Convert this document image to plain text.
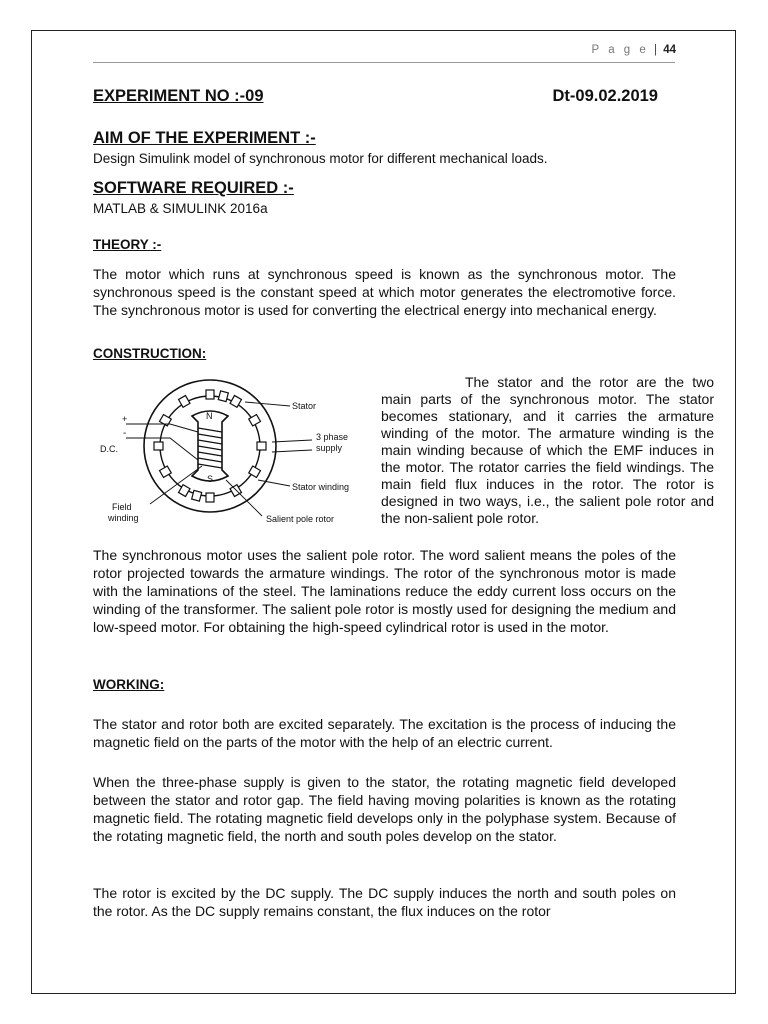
P a g e | 44
EXPERIMENT NO :-09	Dt-09.02.2019
AIM OF THE EXPERIMENT :-
Design Simulink model of synchronous motor for different mechanical loads.
SOFTWARE REQUIRED :-
MATLAB & SIMULINK 2016a
THEORY :-

The motor which runs at synchronous speed is known as the synchronous motor. The synchronous speed is the constant speed at which motor generates the electromotive force. The synchronous motor is used for converting the electrical energy into mechanical energy.

CONSTRUCTION:
N
S
+
-
D.C.
Stator
3 phase
supply
Stator winding
Field
winding	Salient pole rotor

The stator and the rotor are the two main parts of the synchronous motor. The stator becomes stationary, and it carries the armature winding of the motor. The armature winding is the main winding because of which the EMF induces in the motor. The rotator carries the field windings. The main field flux induces in the rotor. The rotor is designed in two ways, i.e., the salient pole rotor and the non-salient pole rotor.

The synchronous motor uses the salient pole rotor. The word salient means the poles of the rotor projected towards the armature windings. The rotor of the synchronous motor is made with the laminations of the steel. The laminations reduce the eddy current loss occurs on the winding of the transformer. The salient pole rotor is mostly used for designing the medium and low-speed motor. For obtaining the high-speed cylindrical rotor is used in the motor.

WORKING:

The stator and rotor both are excited separately. The excitation is the process of inducing the magnetic field on the parts of the motor with the help of an electric current.

When the three-phase supply is given to the stator, the rotating magnetic field developed between the stator and rotor gap. The field having moving polarities is known as the rotating magnetic field. The rotating magnetic field develops only in the polyphase system. Because of the rotating magnetic field, the north and south poles develop on the stator.

The rotor is excited by the DC supply. The DC supply induces the north and south poles on the rotor. As the DC supply remains constant, the flux induces on the rotor
